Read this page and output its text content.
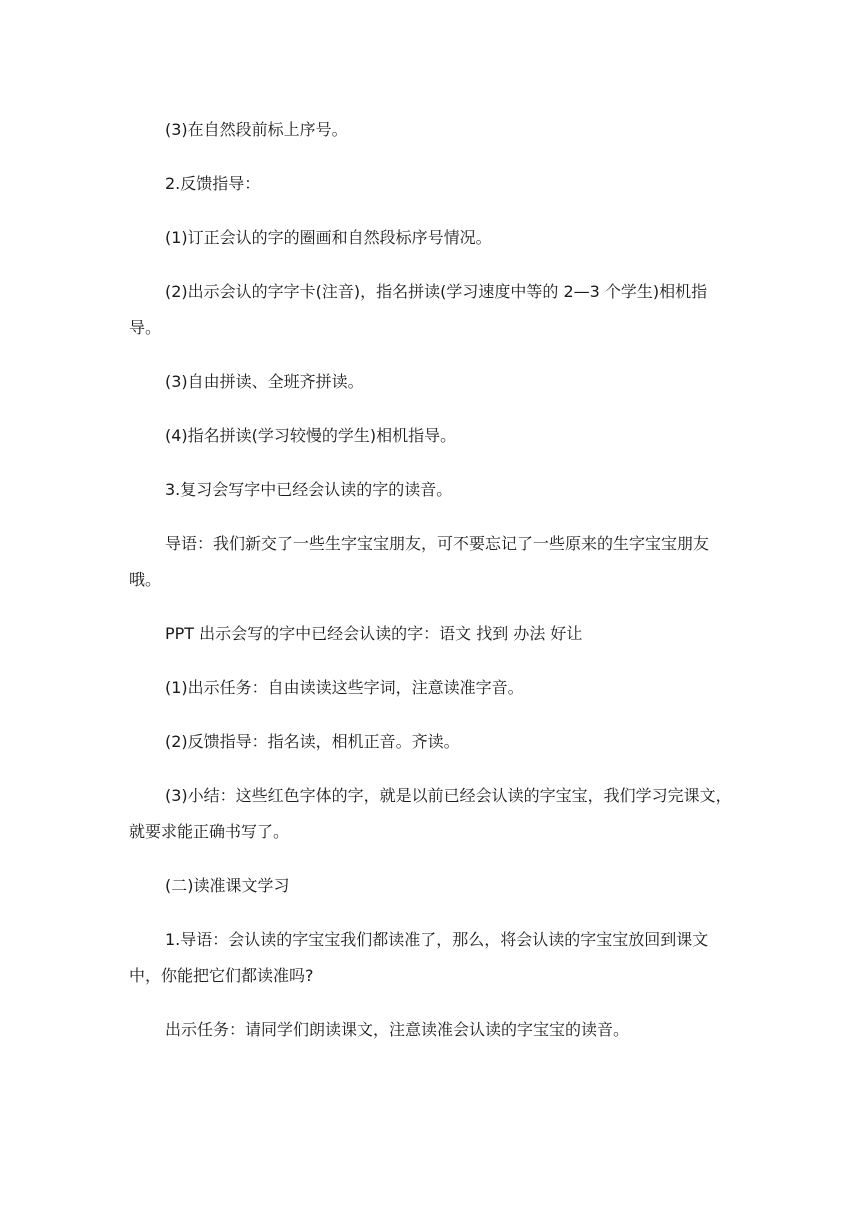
(3)在自然段前标上序号。

2.反馈指导：

(1)订正会认的字的圈画和自然段标序号情况。

(2)出示会认的字字卡(注音)，指名拼读(学习速度中等的 2—3 个学生)相机指导。

(3)自由拼读、全班齐拼读。

(4)指名拼读(学习较慢的学生)相机指导。

3.复习会写字中已经会认读的字的读音。

导语：我们新交了一些生字宝宝朋友，可不要忘记了一些原来的生字宝宝朋友哦。

PPT 出示会写的字中已经会认读的字：语文 找到 办法 好让

(1)出示任务：自由读读这些字词，注意读准字音。

(2)反馈指导：指名读，相机正音。齐读。

(3)小结：这些红色字体的字，就是以前已经会认读的字宝宝，我们学习完课文，就要求能正确书写了。

(二)读准课文学习

1.导语：会认读的字宝宝我们都读准了，那么，将会认读的字宝宝放回到课文中，你能把它们都读准吗?

出示任务：请同学们朗读课文，注意读准会认读的字宝宝的读音。
